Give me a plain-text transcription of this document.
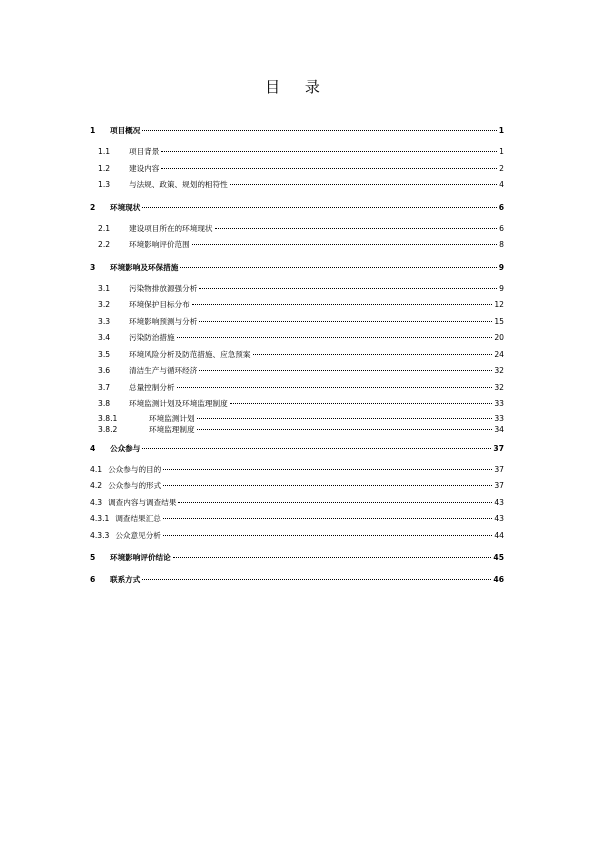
目 录
1	项目概况	1
1.1	项目背景	1
1.2	建设内容	2
1.3	与法规、政策、规划的相符性	4
2	环境现状	6
2.1	建设项目所在的环境现状	6
2.2	环境影响评价范围	8
3	环境影响及环保措施	9
3.1	污染物排放源强分析	9
3.2	环境保护目标分布	12
3.3	环境影响预测与分析	15
3.4	污染防治措施	20
3.5	环境风险分析及防范措施、应急预案	24
3.6	清洁生产与循环经济	32
3.7	总量控制分析	32
3.8	环境监测计划及环境监理制度	33
3.8.1	环境监测计划	33
3.8.2	环境监理制度	34
4	公众参与	37
4.1 公众参与的目的	37
4.2 公众参与的形式	37
4.3 调查内容与调查结果	43
4.3.1 调查结果汇总	43
4.3.3 公众意见分析	44
5	环境影响评价结论	45
6	联系方式	46
